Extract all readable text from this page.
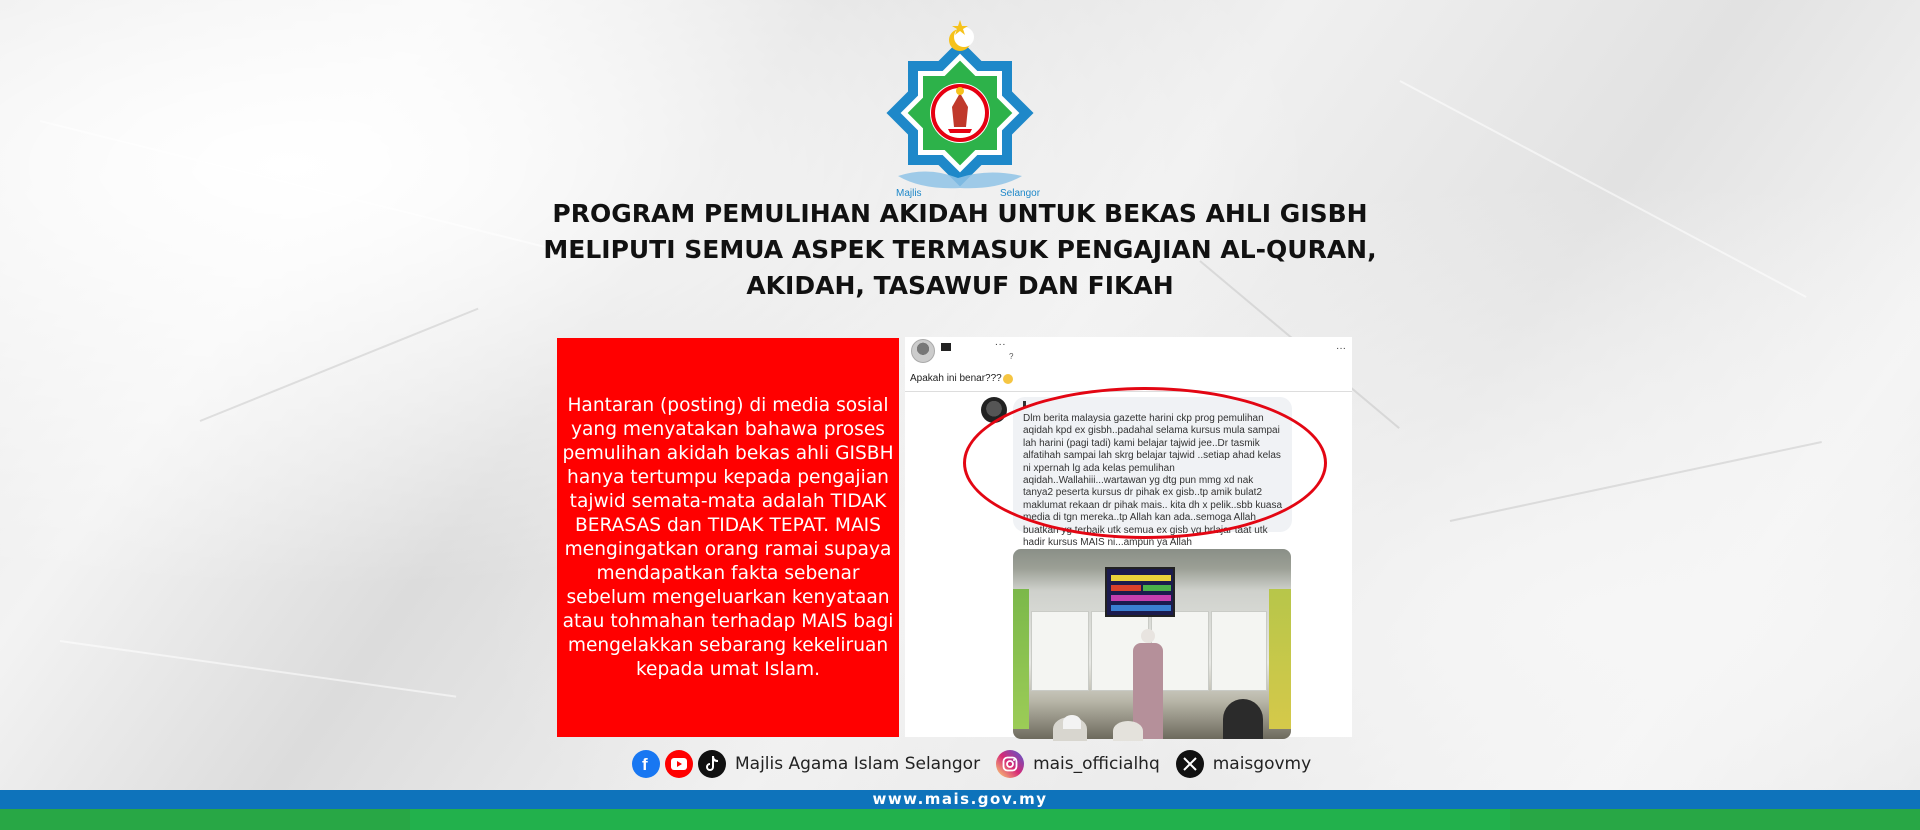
Majlis	Selangor
PROGRAM PEMULIHAN AKIDAH UNTUK BEKAS AHLI GISBH
MELIPUTI SEMUA ASPEK TERMASUK PENGAJIAN AL-QURAN,
AKIDAH, TASAWUF DAN FIKAH

Hantaran (posting) di media sosial yang menyatakan bahawa proses pemulihan akidah bekas ahli GISBH hanya tertumpu kepada pengajian tajwid semata-mata adalah TIDAK BERASAS dan TIDAK TEPAT. MAIS mengingatkan orang ramai supaya mendapatkan fakta sebenar sebelum mengeluarkan kenyataan atau tohmahan terhadap MAIS bagi mengelakkan sebarang kekeliruan kepada umat Islam.

...
?
···
Apakah ini benar???

Dlm berita malaysia gazette harini ckp prog pemulihan aqidah kpd ex gisbh..padahal selama kursus mula sampai lah harini (pagi tadi) kami belajar tajwid jee..Dr tasmik alfatihah sampai lah skrg belajar tajwid ..setiap ahad kelas ni xpernah lg ada kelas pemulihan aqidah..Wallahiii...wartawan yg dtg pun mmg xd nak tanya2 peserta kursus dr pihak ex gisb..tp amik bulat2 maklumat rekaan dr pihak mais.. kita dh x pelik..sbb kuasa media di tgn mereka..tp Allah kan ada..semoga Allah buatkan yg terbaik utk semua ex gisb yg brlajar taat utk hadir kursus MAIS ni...ampun ya Allah

f	Majlis Agama Islam Selangor	mais_officialhq	maisgovmy
www.mais.gov.my
